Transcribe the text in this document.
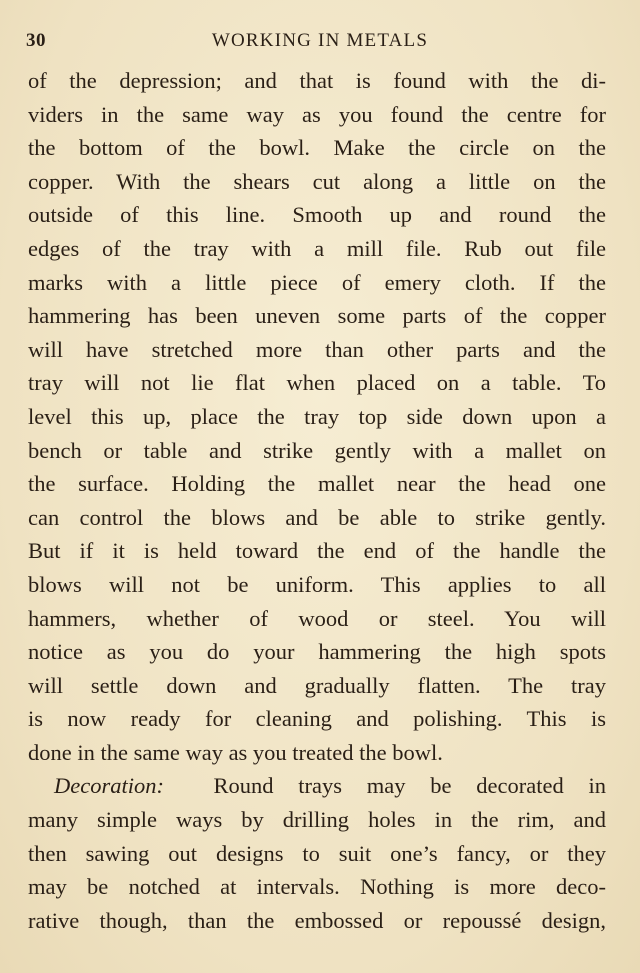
30	WORKING IN METALS
of the depression; and that is found with the di-
viders in the same way as you found the centre for
the bottom of the bowl. Make the circle on the
copper. With the shears cut along a little on the
outside of this line. Smooth up and round the
edges of the tray with a mill file. Rub out file
marks with a little piece of emery cloth. If the
hammering has been uneven some parts of the copper
will have stretched more than other parts and the
tray will not lie flat when placed on a table. To
level this up, place the tray top side down upon a
bench or table and strike gently with a mallet on
the surface. Holding the mallet near the head one
can control the blows and be able to strike gently.
But if it is held toward the end of the handle the
blows will not be uniform. This applies to all
hammers, whether of wood or steel. You will
notice as you do your hammering the high spots
will settle down and gradually flatten. The tray
is now ready for cleaning and polishing. This is
done in the same way as you treated the bowl.
Decoration: Round trays may be decorated in
many simple ways by drilling holes in the rim, and
then sawing out designs to suit one’s fancy, or they
may be notched at intervals. Nothing is more deco-
rative though, than the embossed or repoussé design,
